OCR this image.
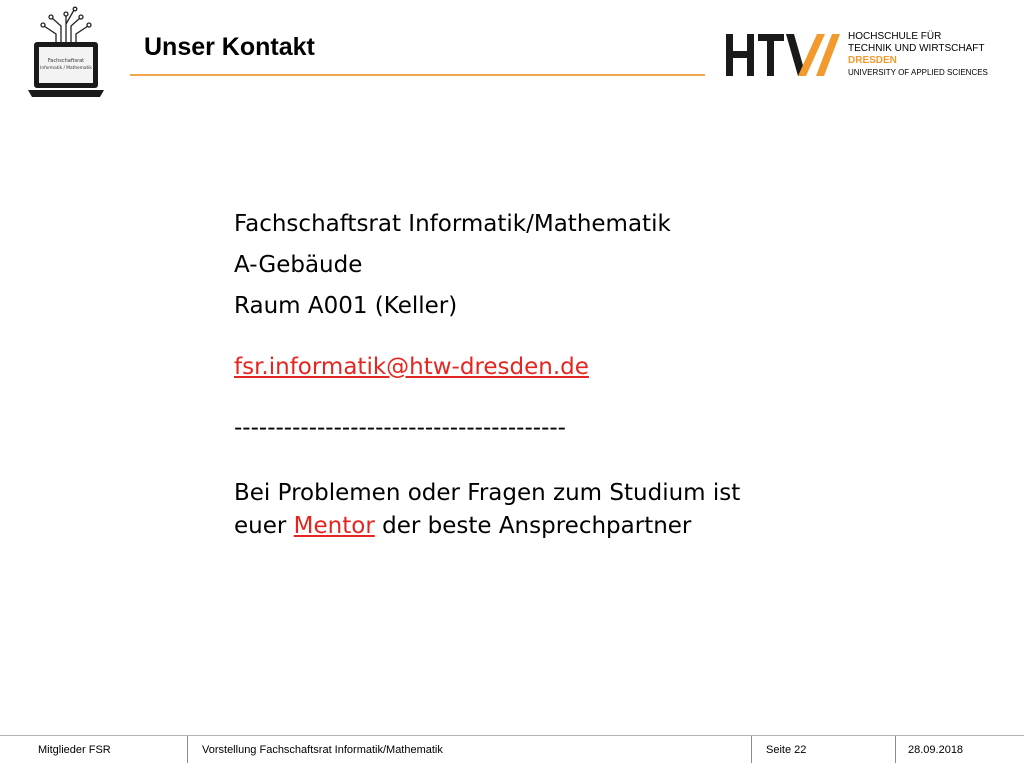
Fachschaftsrat
Informatik / Mathematik
Unser Kontakt	HOCHSCHULE FÜR
TECHNIK UND WIRTSCHAFT
DRESDEN
UNIVERSITY OF APPLIED SCIENCES
Fachschaftsrat Informatik/Mathematik
A-Gebäude
Raum A001 (Keller)
fsr.informatik@htw-dresden.de
----------------------------------------
Bei Problemen oder Fragen zum Studium ist
euer Mentor der beste Ansprechpartner
Mitglieder FSR	Vorstellung Fachschaftsrat Informatik/Mathematik	Seite 22	28.09.2018
